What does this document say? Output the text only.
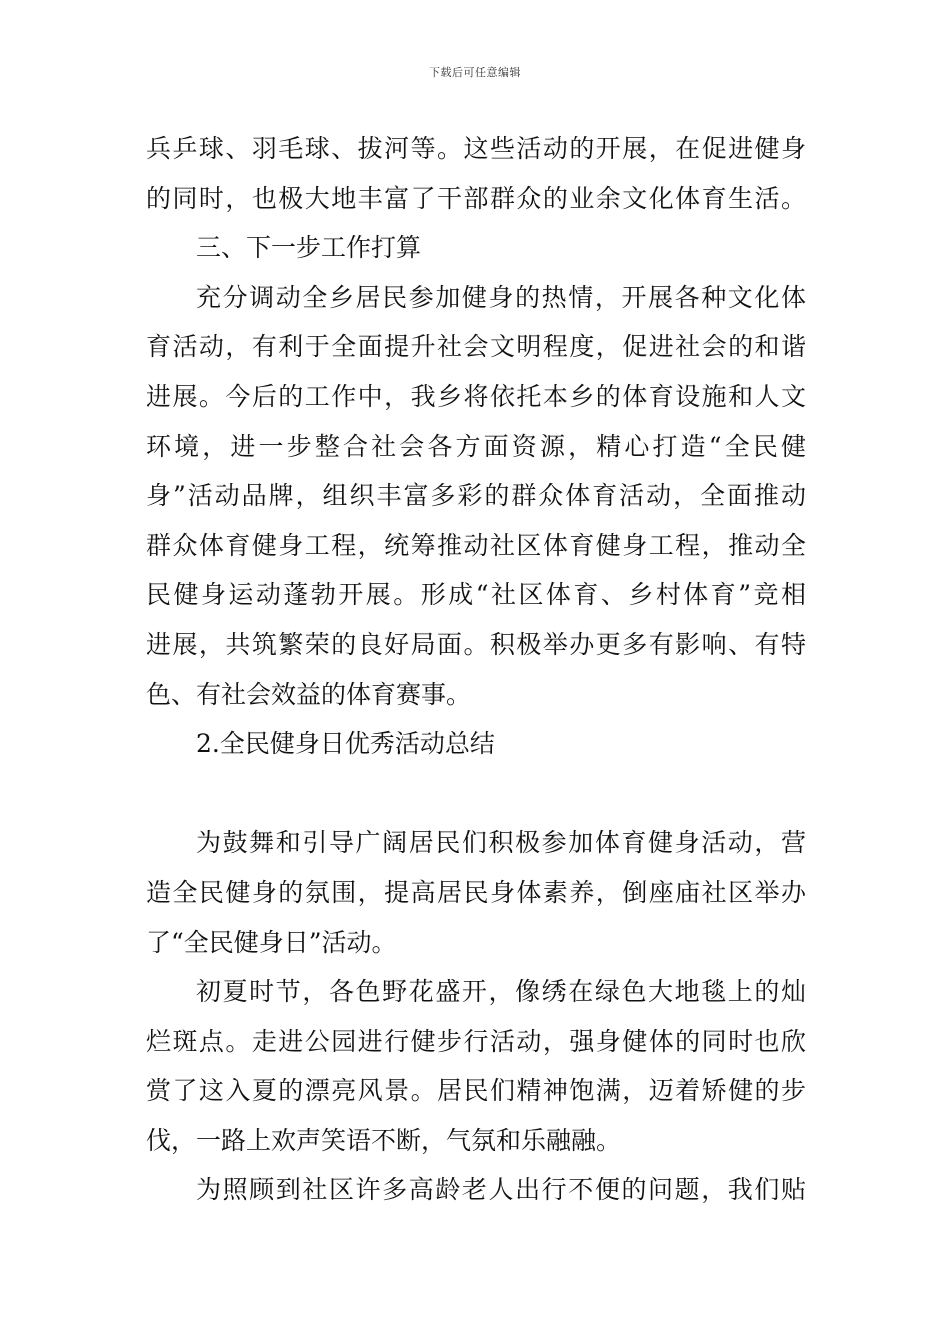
下载后可任意编辑
兵乒球、羽毛球、拔河等。这些活动的开展，在促进健身
的同时，也极大地丰富了干部群众的业余文化体育生活。
三、下一步工作打算
充分调动全乡居民参加健身的热情，开展各种文化体
育活动，有利于全面提升社会文明程度，促进社会的和谐
进展。今后的工作中，我乡将依托本乡的体育设施和人文
环境，进一步整合社会各方面资源，精心打造“全民健
身”活动品牌，组织丰富多彩的群众体育活动，全面推动
群众体育健身工程，统筹推动社区体育健身工程，推动全
民健身运动蓬勃开展。形成“社区体育、乡村体育”竞相
进展，共筑繁荣的良好局面。积极举办更多有影响、有特
色、有社会效益的体育赛事。
2.全民健身日优秀活动总结
为鼓舞和引导广阔居民们积极参加体育健身活动，营
造全民健身的氛围，提高居民身体素养，倒座庙社区举办
了“全民健身日”活动。
初夏时节，各色野花盛开，像绣在绿色大地毯上的灿
烂斑点。走进公园进行健步行活动，强身健体的同时也欣
赏了这入夏的漂亮风景。居民们精神饱满，迈着矫健的步
伐，一路上欢声笑语不断，气氛和乐融融。
为照顾到社区许多高龄老人出行不便的问题，我们贴
